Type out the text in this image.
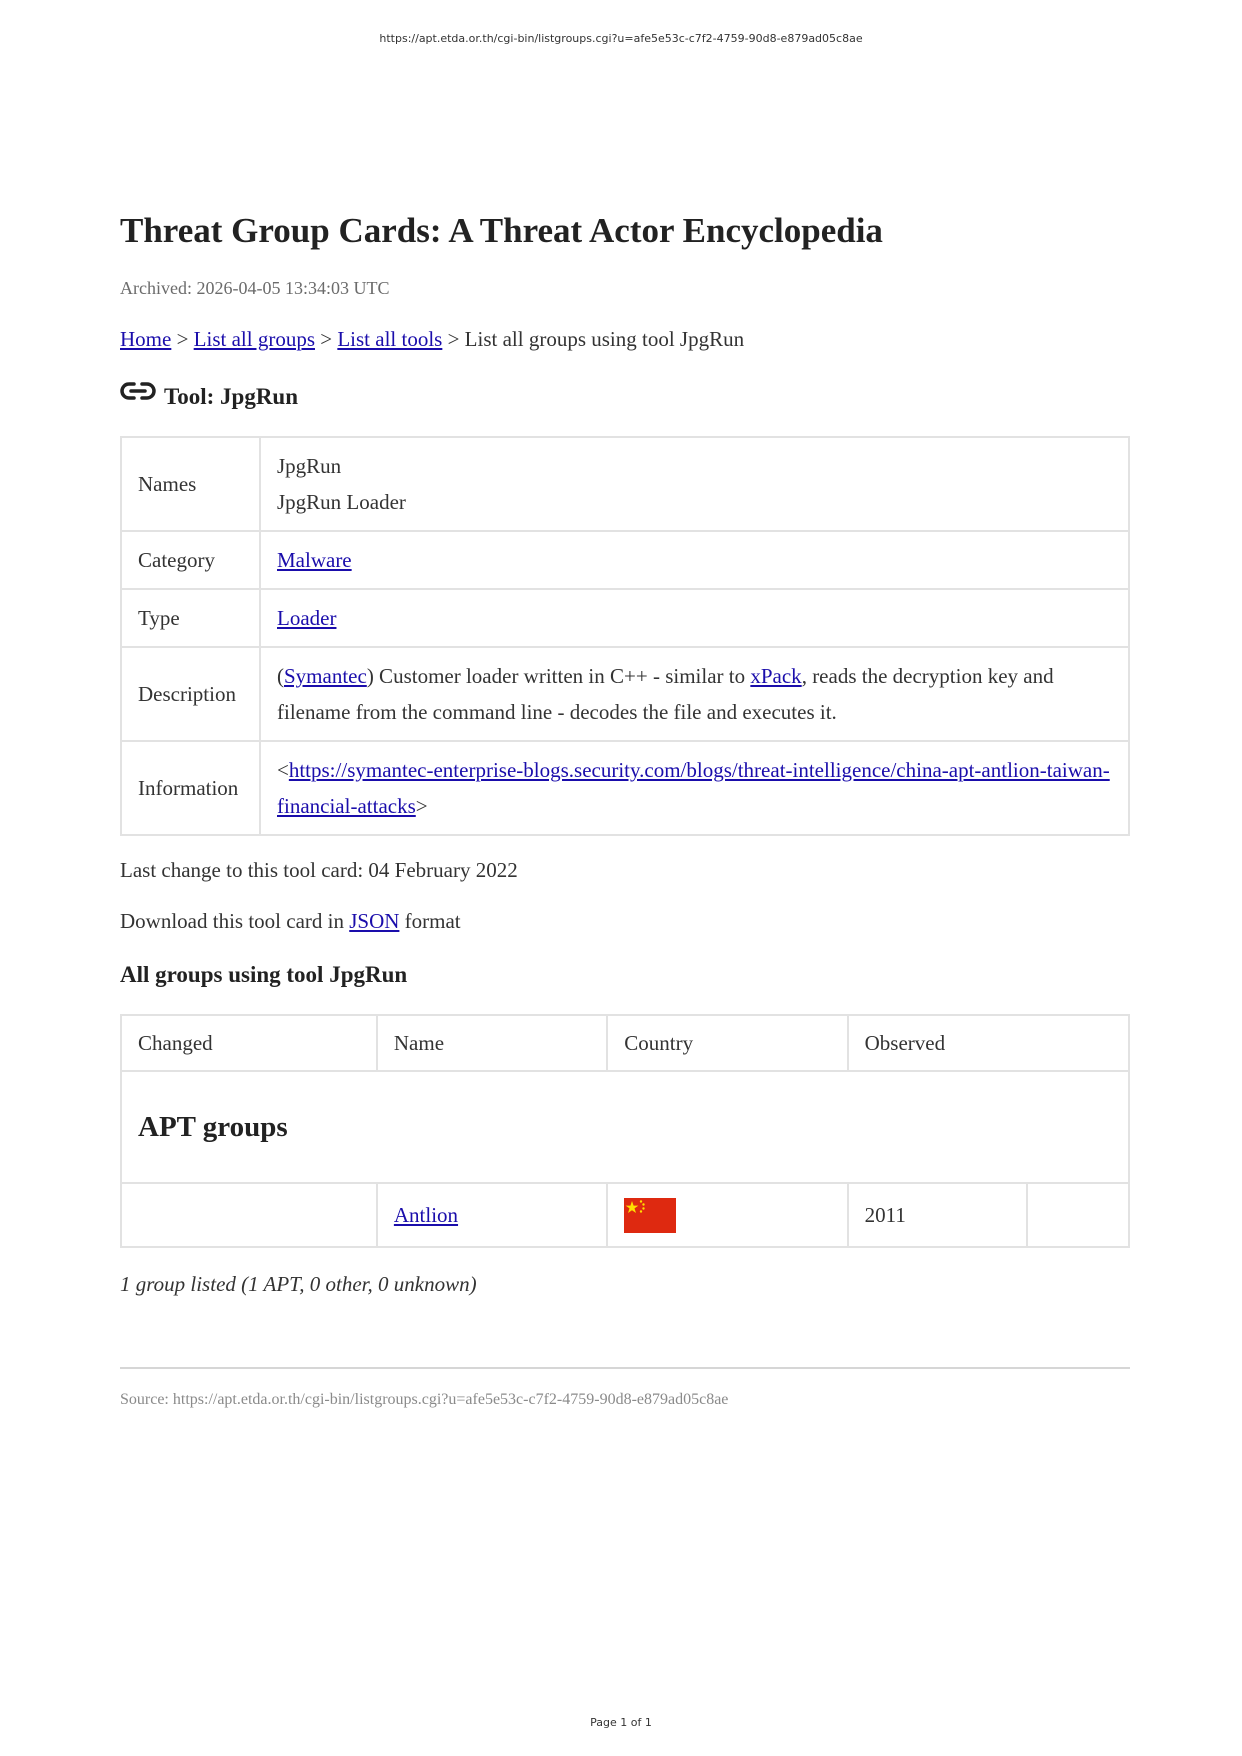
https://apt.etda.or.th/cgi-bin/listgroups.cgi?u=afe5e53c-c7f2-4759-90d8-e879ad05c8ae
Threat Group Cards: A Threat Actor Encyclopedia
Archived: 2026-04-05 13:34:03 UTC
Home > List all groups > List all tools > List all groups using tool JpgRun
Tool: JpgRun
Names	JpgRun
JpgRun Loader

Category	Malware
Type	Loader
Description	(Symantec) Customer loader written in C++ - similar to xPack, reads the decryption key and filename from the command line - decodes the file and executes it.
Information	<https://symantec-enterprise-blogs.security.com/blogs/threat-intelligence/china-apt-antlion-taiwan-financial-attacks>
Last change to this tool card: 04 February 2022
Download this tool card in JSON format
All groups using tool JpgRun
Changed	Name	Country	Observed	
APT groups				
	Antlion		2011	
1 group listed (1 APT, 0 other, 0 unknown)
Source: https://apt.etda.or.th/cgi-bin/listgroups.cgi?u=afe5e53c-c7f2-4759-90d8-e879ad05c8ae
Page 1 of 1
